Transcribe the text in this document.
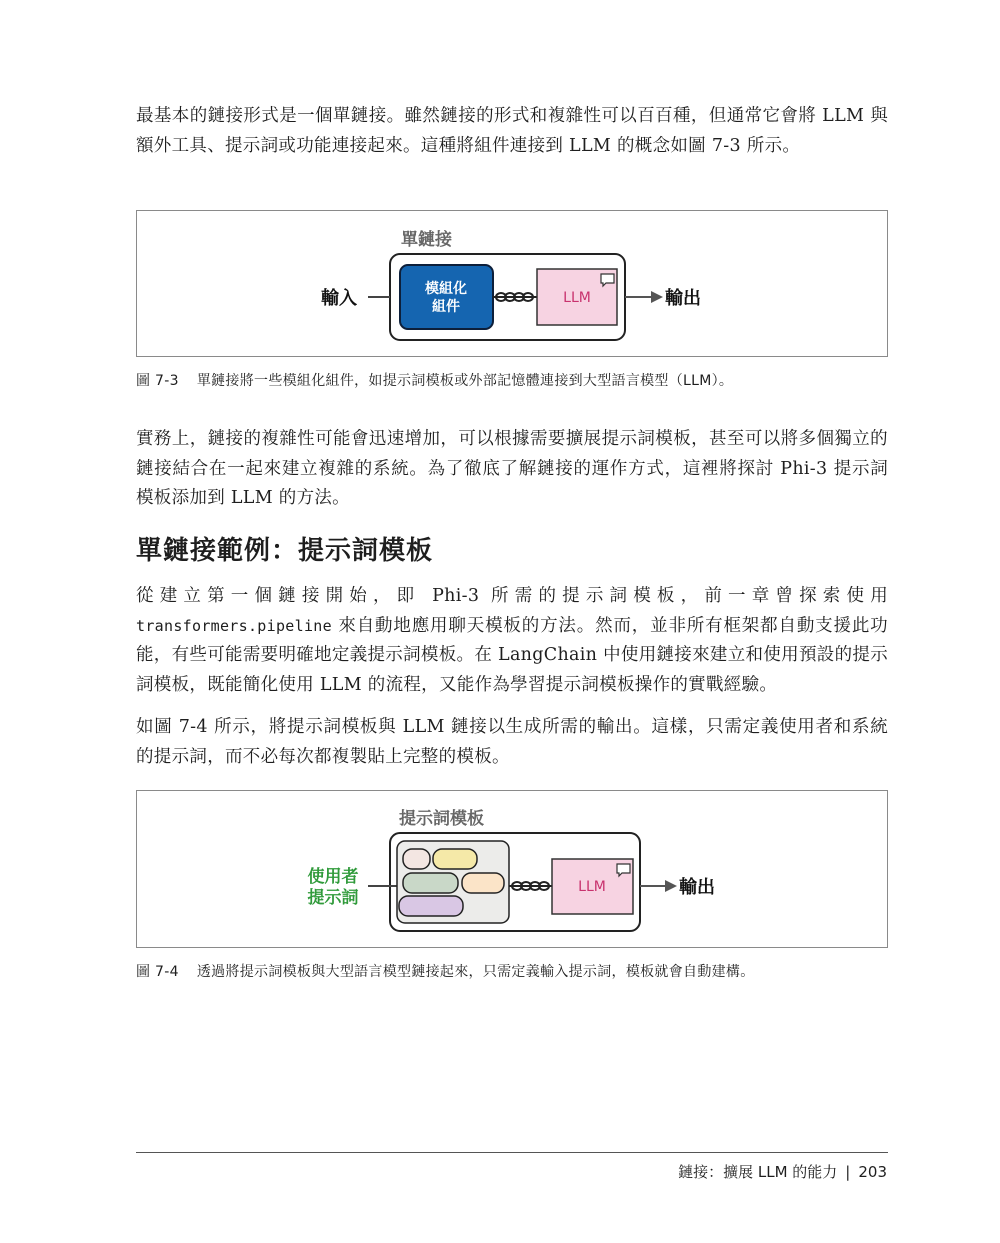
最基本的鏈接形式是一個單鏈接。雖然鏈接的形式和複雜性可以百百種，但通常它會將 LLM 與額外工具、提示詞或功能連接起來。這種將組件連接到 LLM 的概念如圖 7-3 所示。

單鏈接
輸入	模組化
組件
LLM	輸出

圖 7-3 單鏈接將一些模組化組件，如提示詞模板或外部記憶體連接到大型語言模型（LLM）。

實務上，鏈接的複雜性可能會迅速增加，可以根據需要擴展提示詞模板，甚至可以將多個獨立的鏈接結合在一起來建立複雜的系統。為了徹底了解鏈接的運作方式，這裡將探討 Phi-3 提示詞模板添加到 LLM 的方法。

單鏈接範例：提示詞模板

從建立第一個鏈接開始，即 Phi-3 所需的提示詞模板，前一章曾探索使用 transformers.pipeline 來自動地應用聊天模板的方法。然而，並非所有框架都自動支援此功能，有些可能需要明確地定義提示詞模板。在 LangChain 中使用鏈接來建立和使用預設的提示詞模板，既能簡化使用 LLM 的流程，又能作為學習提示詞模板操作的實戰經驗。

如圖 7-4 所示，將提示詞模板與 LLM 鏈接以生成所需的輸出。這樣，只需定義使用者和系統的提示詞，而不必每次都複製貼上完整的模板。

提示詞模板
使用者
提示詞
LLM	輸出

圖 7-4 透過將提示詞模板與大型語言模型鏈接起來，只需定義輸入提示詞，模板就會自動建構。

鏈接：擴展 LLM 的能力 | 203
